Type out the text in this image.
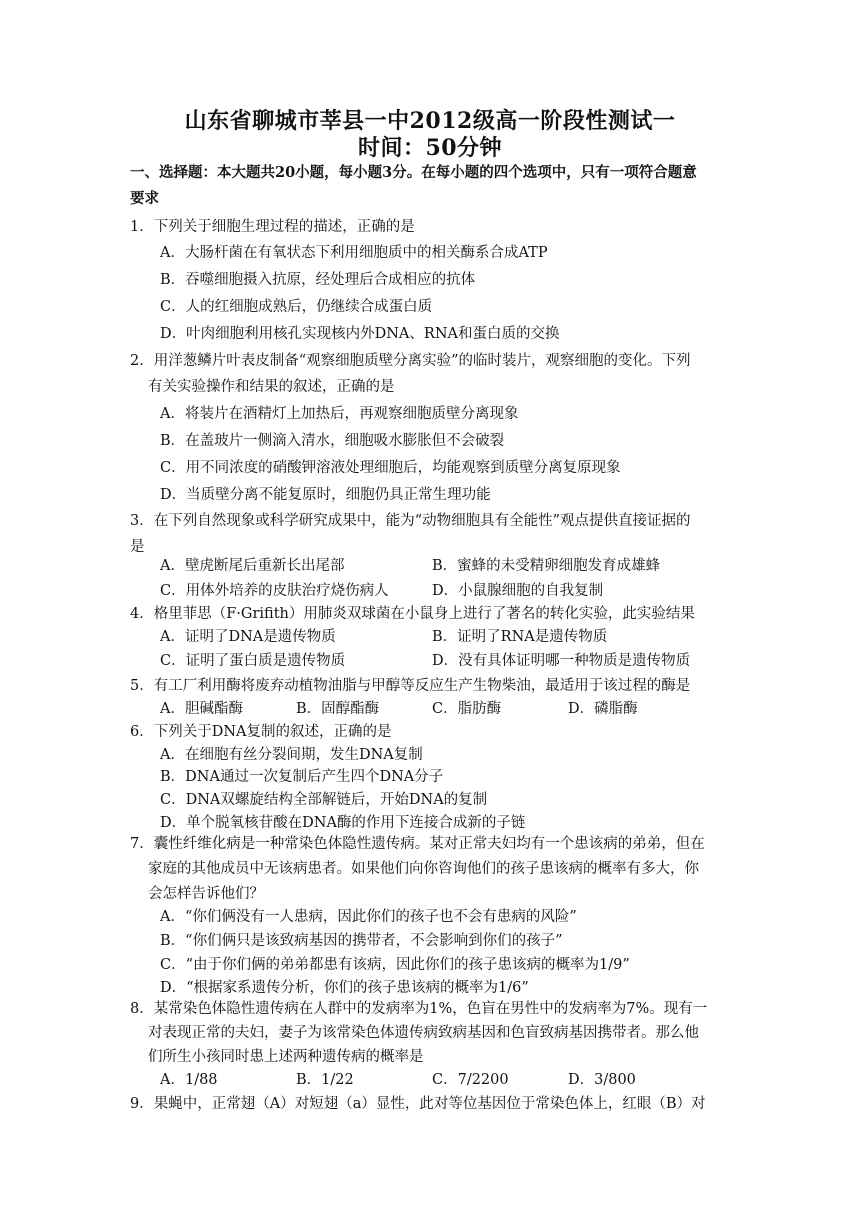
山东省聊城市莘县一中2012级高一阶段性测试一
时间：50分钟
一、选择题：本大题共20小题，每小题3分。在每小题的四个选项中，只有一项符合题意
要求
1．下列关于细胞生理过程的描述，正确的是
A．大肠杆菌在有氧状态下利用细胞质中的相关酶系合成ATP
B．吞噬细胞摄入抗原，经处理后合成相应的抗体
C．人的红细胞成熟后，仍继续合成蛋白质
D．叶肉细胞利用核孔实现核内外DNA、RNA和蛋白质的交换
2．用洋葱鳞片叶表皮制备“观察细胞质壁分离实验”的临时装片，观察细胞的变化。下列
有关实验操作和结果的叙述，正确的是
A．将装片在酒精灯上加热后，再观察细胞质壁分离现象
B．在盖玻片一侧滴入清水，细胞吸水膨胀但不会破裂
C．用不同浓度的硝酸钾溶液处理细胞后，均能观察到质壁分离复原现象
D．当质壁分离不能复原时，细胞仍具正常生理功能
3．在下列自然现象或科学研究成果中，能为“动物细胞具有全能性”观点提供直接证据的
是
A．壁虎断尾后重新长出尾部	B．蜜蜂的未受精卵细胞发育成雄蜂
C．用体外培养的皮肤治疗烧伤病人	D．小鼠腺细胞的自我复制
4．格里菲思（F·Grifith）用肺炎双球菌在小鼠身上进行了著名的转化实验，此实验结果
A．证明了DNA是遗传物质	B．证明了RNA是遗传物质
C．证明了蛋白质是遗传物质	D．没有具体证明哪一种物质是遗传物质
5．有工厂利用酶将废弃动植物油脂与甲醇等反应生产生物柴油，最适用于该过程的酶是
A．胆碱酯酶	B．固醇酯酶	C．脂肪酶	D．磷脂酶
6．下列关于DNA复制的叙述，正确的是
A．在细胞有丝分裂间期，发生DNA复制
B．DNA通过一次复制后产生四个DNA分子
C．DNA双螺旋结构全部解链后，开始DNA的复制
D．单个脱氧核苷酸在DNA酶的作用下连接合成新的子链
7．囊性纤维化病是一种常染色体隐性遗传病。某对正常夫妇均有一个患该病的弟弟，但在
家庭的其他成员中无该病患者。如果他们向你咨询他们的孩子患该病的概率有多大，你
会怎样告诉他们？
A．“你们俩没有一人患病，因此你们的孩子也不会有患病的风险”
B．“你们俩只是该致病基因的携带者，不会影响到你们的孩子”
C．“由于你们俩的弟弟都患有该病，因此你们的孩子患该病的概率为1/9”
D．“根据家系遗传分析，你们的孩子患该病的概率为1/6”
8．某常染色体隐性遗传病在人群中的发病率为1%，色盲在男性中的发病率为7%。现有一
对表现正常的夫妇，妻子为该常染色体遗传病致病基因和色盲致病基因携带者。那么他
们所生小孩同时患上述两种遗传病的概率是
A．1/88	B．1/22	C．7/2200	D．3/800
9．果蝇中，正常翅（A）对短翅（a）显性，此对等位基因位于常染色体上，红眼（B）对
